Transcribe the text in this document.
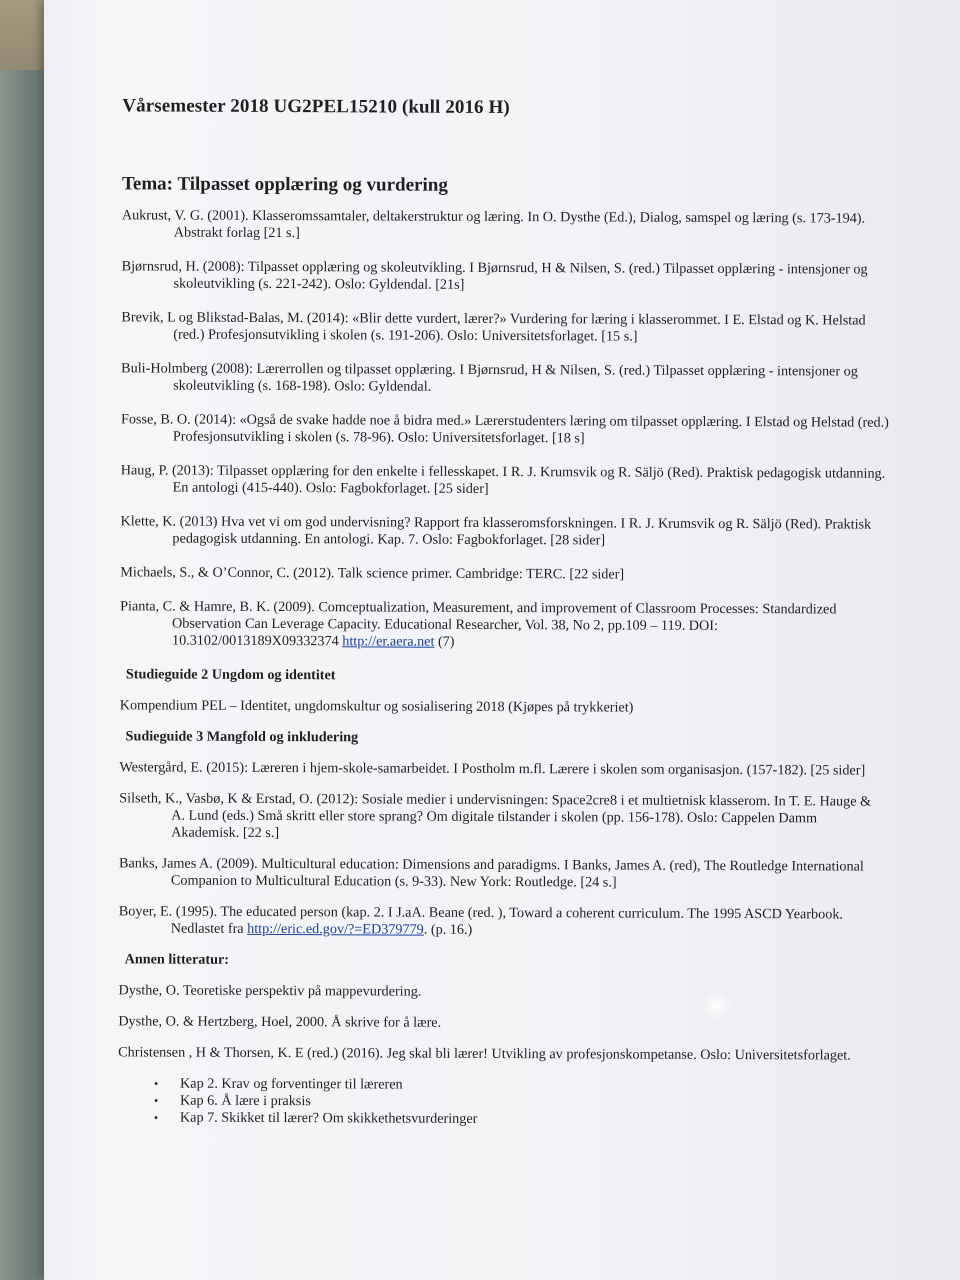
Vårsemester 2018 UG2PEL15210 (kull 2016 H)
Tema: Tilpasset opplæring og vurdering
Aukrust, V. G. (2001). Klasseromssamtaler, deltakerstruktur og læring. In O. Dysthe (Ed.), Dialog, samspel og læring (s. 173-194). Abstrakt forlag [21 s.]
Bjørnsrud, H. (2008): Tilpasset opplæring og skoleutvikling. I Bjørnsrud, H & Nilsen, S. (red.) Tilpasset opplæring - intensjoner og skoleutvikling (s. 221-242). Oslo: Gyldendal. [21s]
Brevik, L og Blikstad-Balas, M. (2014): «Blir dette vurdert, lærer?» Vurdering for læring i klasserommet. I E. Elstad og K. Helstad (red.) Profesjonsutvikling i skolen (s. 191-206). Oslo: Universitetsforlaget. [15 s.]
Buli-Holmberg (2008): Lærerrollen og tilpasset opplæring. I Bjørnsrud, H & Nilsen, S. (red.) Tilpasset opplæring - intensjoner og skoleutvikling (s. 168-198). Oslo: Gyldendal.
Fosse, B. O. (2014): «Også de svake hadde noe å bidra med.» Lærerstudenters læring om tilpasset opplæring. I Elstad og Helstad (red.) Profesjonsutvikling i skolen (s. 78-96). Oslo: Universitetsforlaget. [18 s]
Haug, P. (2013): Tilpasset opplæring for den enkelte i fellesskapet. I R. J. Krumsvik og R. Säljö (Red). Praktisk pedagogisk utdanning. En antologi (415-440). Oslo: Fagbokforlaget. [25 sider]
Klette, K. (2013) Hva vet vi om god undervisning? Rapport fra klasseromsforskningen. I R. J. Krumsvik og R. Säljö (Red). Praktisk pedagogisk utdanning. En antologi. Kap. 7. Oslo: Fagbokforlaget. [28 sider]
Michaels, S., & O’Connor, C. (2012). Talk science primer. Cambridge: TERC. [22 sider]
Pianta, C. & Hamre, B. K. (2009). Comceptualization, Measurement, and improvement of Classroom Processes: Standardized Observation Can Leverage Capacity. Educational Researcher, Vol. 38, No 2, pp.109 – 119. DOI: 10.3102/0013189X09332374 http://er.aera.net (7)
Studieguide 2 Ungdom og identitet
Kompendium PEL – Identitet, ungdomskultur og sosialisering 2018 (Kjøpes på trykkeriet)
Sudieguide 3 Mangfold og inkludering
Westergård, E. (2015): Læreren i hjem-skole-samarbeidet. I Postholm m.fl. Lærere i skolen som organisasjon. (157-182). [25 sider]
Silseth, K., Vasbø, K & Erstad, O. (2012): Sosiale medier i undervisningen: Space2cre8 i et multietnisk klasserom. In T. E. Hauge & A. Lund (eds.) Små skritt eller store sprang? Om digitale tilstander i skolen (pp. 156-178). Oslo: Cappelen Damm Akademisk. [22 s.]
Banks, James A. (2009). Multicultural education: Dimensions and paradigms. I Banks, James A. (red), The Routledge International Companion to Multicultural Education (s. 9-33). New York: Routledge. [24 s.]
Boyer, E. (1995). The educated person (kap. 2. I J.aA. Beane (red. ), Toward a coherent curriculum. The 1995 ASCD Yearbook. Nedlastet fra http://eric.ed.gov/?=ED379779. (p. 16.)
Annen litteratur:
Dysthe, O. Teoretiske perspektiv på mappevurdering.
Dysthe, O. & Hertzberg, Hoel, 2000. Å skrive for å lære.
Christensen , H & Thorsen, K. E (red.) (2016). Jeg skal bli lærer! Utvikling av profesjonskompetanse. Oslo: Universitetsforlaget.
•	Kap 2. Krav og forventinger til læreren
•	Kap 6. Å lære i praksis
•	Kap 7. Skikket til lærer? Om skikkethetsvurderinger
